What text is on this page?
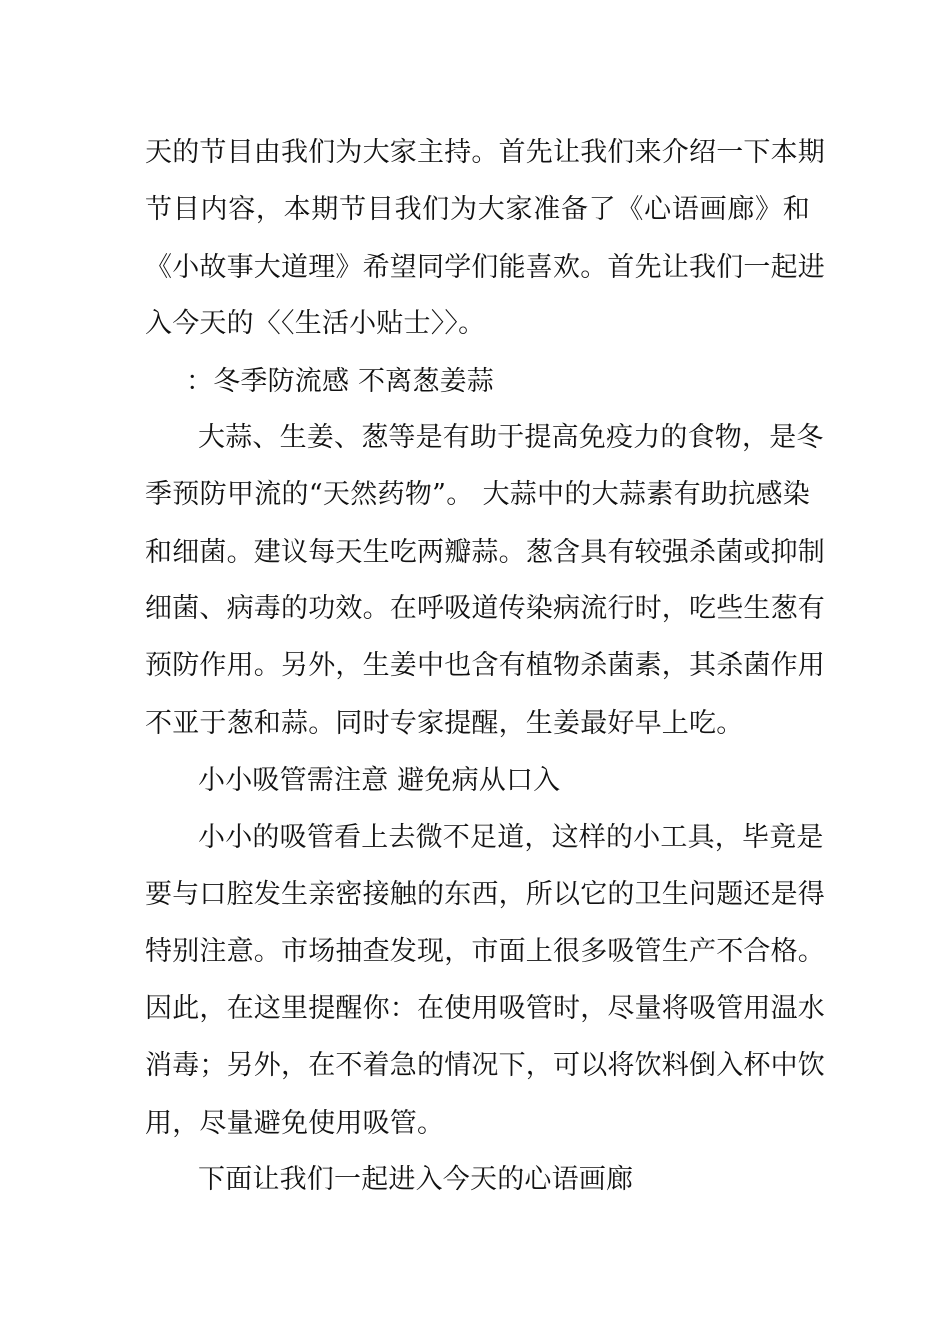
天的节目由我们为大家主持。首先让我们来介绍一下本期

节目内容，本期节目我们为大家准备了《心语画廊》和

《小故事大道理》希望同学们能喜欢。首先让我们一起进

入今天的〈〈生活小贴士〉〉。

：冬季防流感 不离葱姜蒜

大蒜、生姜、葱等是有助于提高免疫力的食物，是冬

季预防甲流的“天然药物”。 大蒜中的大蒜素有助抗感染

和细菌。建议每天生吃两瓣蒜。葱含具有较强杀菌或抑制

细菌、病毒的功效。在呼吸道传染病流行时，吃些生葱有

预防作用。另外，生姜中也含有植物杀菌素，其杀菌作用

不亚于葱和蒜。同时专家提醒，生姜最好早上吃。

小小吸管需注意 避免病从口入

小小的吸管看上去微不足道，这样的小工具，毕竟是

要与口腔发生亲密接触的东西，所以它的卫生问题还是得

特别注意。市场抽查发现，市面上很多吸管生产不合格。

因此，在这里提醒你：在使用吸管时，尽量将吸管用温水

消毒；另外，在不着急的情况下，可以将饮料倒入杯中饮

用，尽量避免使用吸管。

下面让我们一起进入今天的心语画廊
